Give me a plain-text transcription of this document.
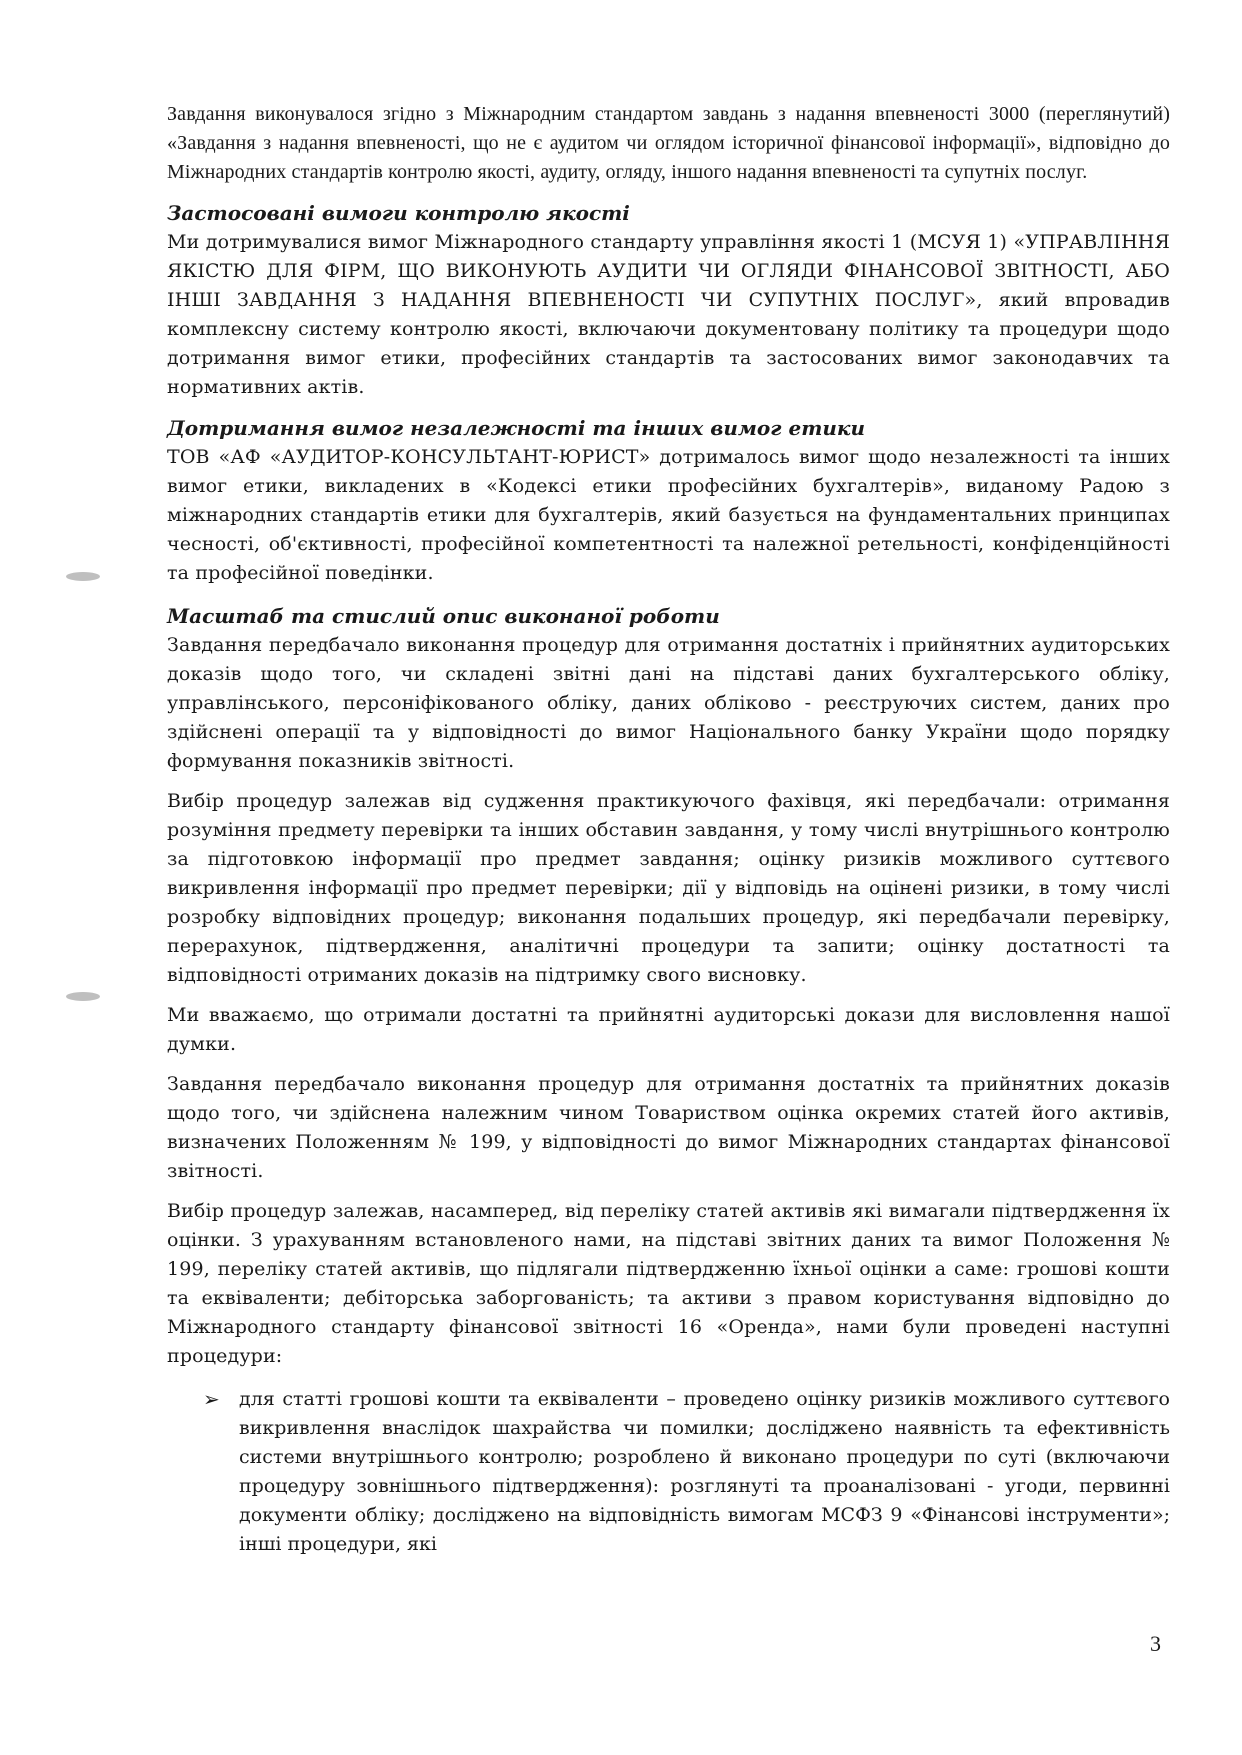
Завдання виконувалося згідно з Міжнародним стандартом завдань з надання впевненості 3000 (переглянутий) «Завдання з надання впевненості, що не є аудитом чи оглядом історичної фінансової інформації», відповідно до Міжнародних стандартів контролю якості, аудиту, огляду, іншого надання впевненості та супутніх послуг.

Застосовані вимоги контролю якості

Ми дотримувалися вимог Міжнародного стандарту управління якості 1 (МСУЯ 1) «УПРАВЛІННЯ ЯКІСТЮ ДЛЯ ФІРМ, ЩО ВИКОНУЮТЬ АУДИТИ ЧИ ОГЛЯДИ ФІНАНСОВОЇ ЗВІТНОСТІ, АБО ІНШІ ЗАВДАННЯ З НАДАННЯ ВПЕВНЕНОСТІ ЧИ СУПУТНІХ ПОСЛУГ», який впровадив комплексну систему контролю якості, включаючи документовану політику та процедури щодо дотримання вимог етики, професійних стандартів та застосованих вимог законодавчих та нормативних актів.

Дотримання вимог незалежності та інших вимог етики

ТОВ «АФ «АУДИТОР-КОНСУЛЬТАНТ-ЮРИСТ» дотрималось вимог щодо незалежності та інших вимог етики, викладених в «Кодексі етики професійних бухгалтерів», виданому Радою з міжнародних стандартів етики для бухгалтерів, який базується на фундаментальних принципах чесності, об'єктивності, професійної компетентності та належної ретельності, конфіденційності та професійної поведінки.

Масштаб та стислий опис виконаної роботи

Завдання передбачало виконання процедур для отримання достатніх і прийнятних аудиторських доказів щодо того, чи складені звітні дані на підставі даних бухгалтерського обліку, управлінського, персоніфікованого обліку, даних обліково - реєструючих систем, даних про здійснені операції та у відповідності до вимог Національного банку України щодо порядку формування показників звітності.

Вибір процедур залежав від судження практикуючого фахівця, які передбачали: отримання розуміння предмету перевірки та інших обставин завдання, у тому числі внутрішнього контролю за підготовкою інформації про предмет завдання; оцінку ризиків можливого суттєвого викривлення інформації про предмет перевірки; дії у відповідь на оцінені ризики, в тому числі розробку відповідних процедур; виконання подальших процедур, які передбачали перевірку, перерахунок, підтвердження, аналітичні процедури та запити; оцінку достатності та відповідності отриманих доказів на підтримку свого висновку.

Ми вважаємо, що отримали достатні та прийнятні аудиторські докази для висловлення нашої думки.

Завдання передбачало виконання процедур для отримання достатніх та прийнятних доказів щодо того, чи здійснена належним чином Товариством оцінка окремих статей його активів, визначених Положенням № 199, у відповідності до вимог Міжнародних стандартах фінансової звітності.

Вибір процедур залежав, насамперед, від переліку статей активів які вимагали підтвердження їх оцінки. З урахуванням встановленого нами, на підставі звітних даних та вимог Положення № 199, переліку статей активів, що підлягали підтвердженню їхньої оцінки а саме: грошові кошти та еквіваленти; дебіторська заборгованість; та активи з правом користування відповідно до Міжнародного стандарту фінансової звітності 16 «Оренда», нами були проведені наступні процедури:

➢ для статті грошові кошти та еквіваленти – проведено оцінку ризиків можливого суттєвого викривлення внаслідок шахрайства чи помилки; досліджено наявність та ефективність системи внутрішнього контролю; розроблено й виконано процедури по суті (включаючи процедуру зовнішнього підтвердження): розглянуті та проаналізовані - угоди, первинні документи обліку; досліджено на відповідність вимогам МСФЗ 9 «Фінансові інструменти»; інші процедури, які
3
